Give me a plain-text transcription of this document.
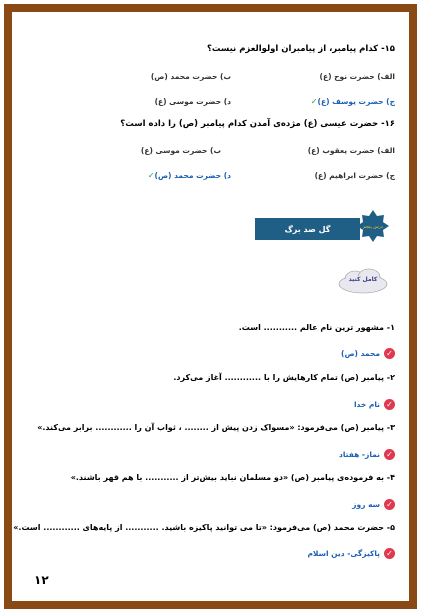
۱۵- کدام پیامبر، از پیامبران اولوالعزم نیست؟
الف) حضرت نوح (ع)
ب) حضرت محمد (ص)
ج) حضرت یوسف (ع)✓
د) حضرت موسی (ع)
۱۶- حضرت عیسی (ع) مژده‌ی آمدن کدام پیامبر (ص) را داده است؟
الف) حضرت یعقوب (ع)
ب) حضرت موسی (ع)
ج) حضرت ابراهیم (ع)
د) حضرت محمد (ص)✓
گل صد برگ	درس پنجم
کامل کنید
۱- مشهور ترین نام عالم ........... است.
✓
محمد (ص)
۲- پیامبر (ص) تمام کارهایش را با ............ آغاز می‌کرد.
✓
نام خدا
۳- پیامبر (ص) می‌فرمود: «مسواک زدن پیش از ........ ، ثواب آن را ............ برابر می‌کند.»
✓
نماز- هفتاد
۴- به فرموده‌ی پیامبر (ص) «دو مسلمان نباید بیش‌تر از ........... با هم قهر باشند.»
✓
سه روز
۵- حضرت محمد (ص) می‌فرمود: «تا می توانید پاکیزه باشید. ........... از پایه‌های ............ است.»
✓
پاکیزگی- دین اسلام
۱۲
